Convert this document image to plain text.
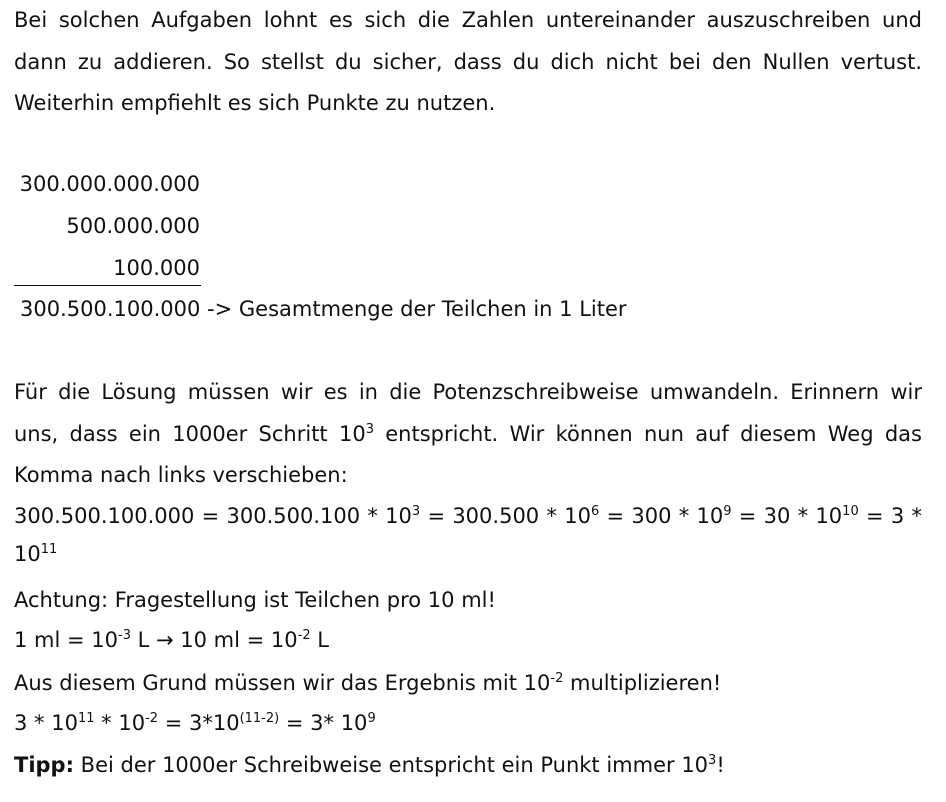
Bei solchen Aufgaben lohnt es sich die Zahlen untereinander auszuschreiben und

dann zu addieren. So stellst du sicher, dass du dich nicht bei den Nullen vertust.

Weiterhin empfiehlt es sich Punkte zu nutzen.

300.000.000.000
500.000.000
100.000
300.500.100.000 -> Gesamtmenge der Teilchen in 1 Liter

Für die Lösung müssen wir es in die Potenzschreibweise umwandeln. Erinnern wir

uns, dass ein 1000er Schritt $10^3$ entspricht. Wir können nun auf diesem Weg das

Komma nach links verschieben:

$300.500.100.000 = 300.500.100 * 10^3 = 300.500 * 10^6 = 300 * 10^9 = 30 * 10^{10} = 3$ *

$10^{11}$
Achtung: Fragestellung ist Teilchen pro 10 ml!
1 ml = $10^{-3}$ L → 10 ml = $10^{-2}$ L
Aus diesem Grund müssen wir das Ergebnis mit $10^{-2}$ multiplizieren!
$3 * 10^{11} * 10^{-2} = 3*10^{(11-2)} = 3*$ $10^9$
Tipp: Bei der 1000er Schreibweise entspricht ein Punkt immer $10^3$!
